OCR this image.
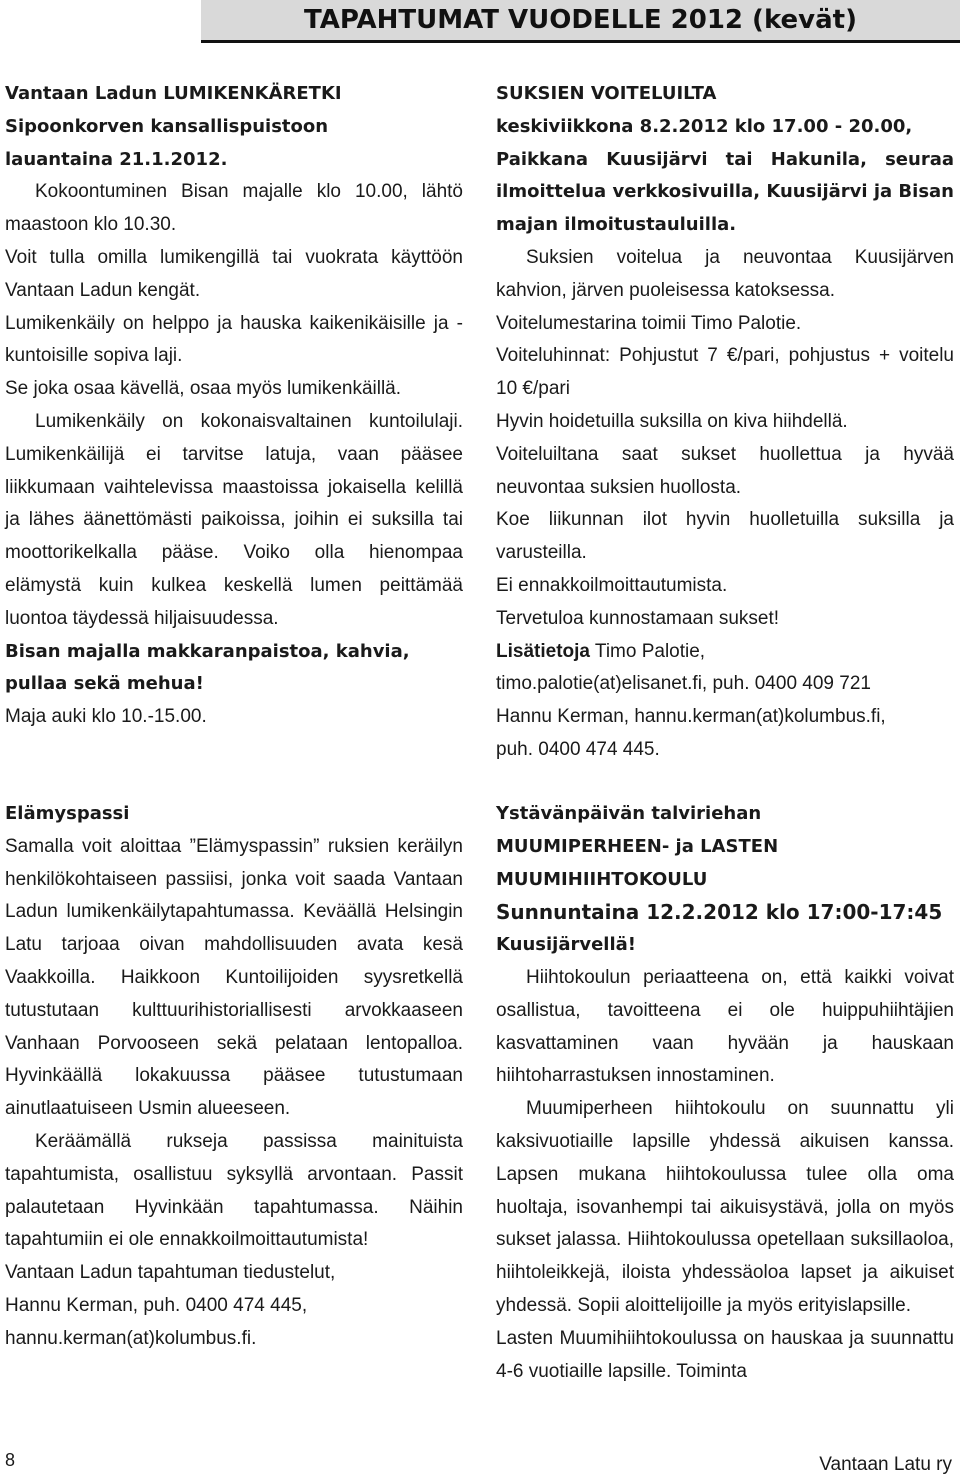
TAPAHTUMAT VUODELLE 2012 (kevät)

Vantaan Ladun LUMIKENKÄRETKI

Sipoonkorven kansallispuistoon

lauantaina 21.1.2012.

Kokoontuminen Bisan majalle klo 10.00, lähtö maastoon klo 10.30.

Voit tulla omilla lumikengillä tai vuokrata käyttöön Vantaan Ladun kengät.

Lumikenkäily on helppo ja hauska kaikenikäisille ja -kuntoisille sopiva laji.

Se joka osaa kävellä, osaa myös lumikenkäillä.

Lumikenkäily on kokonaisvaltainen kuntoilulaji. Lumikenkäilijä ei tarvitse latuja, vaan pääsee liikkumaan vaihtelevissa maastoissa jokaisella kelillä ja lähes äänettömästi paikoissa, joihin ei suksilla tai moottorikelkalla pääse. Voiko olla hienompaa elämystä kuin kulkea keskellä lumen peittämää luontoa täydessä hiljaisuudessa.

Bisan majalla makkaranpaistoa, kahvia, pullaa sekä mehua!

Maja auki klo 10.-15.00.

Elämyspassi

Samalla voit aloittaa ”Elämyspassin” ruksien keräilyn henkilökohtaiseen passiisi, jonka voit saada Vantaan Ladun lumikenkäilytapahtumassa. Keväällä Helsingin Latu tarjoaa oivan mahdollisuuden avata kesä Vaakkoilla. Haikkoon Kuntoilijoiden syysretkellä tutustutaan kulttuurihistoriallisesti arvokkaaseen Vanhaan Porvooseen sekä pelataan lentopalloa. Hyvinkäällä lokakuussa pääsee tutustumaan ainutlaatuiseen Usmin alueeseen.

Keräämällä rukseja passissa mainituista tapahtumista, osallistuu syksyllä arvontaan. Passit palautetaan Hyvinkään tapahtumassa. Näihin tapahtumiin ei ole ennakkoilmoittautumista!

Vantaan Ladun tapahtuman tiedustelut,

Hannu Kerman, puh. 0400 474 445,

hannu.kerman(at)kolumbus.fi.

SUKSIEN VOITELUILTA

keskiviikkona 8.2.2012 klo 17.00 - 20.00,

Paikkana Kuusijärvi tai Hakunila, seuraa ilmoittelua verkkosivuilla, Kuusijärvi ja Bisan majan ilmoitustauluilla.

Suksien voitelua ja neuvontaa Kuusijärven kahvion, järven puoleisessa katoksessa.

Voitelumestarina toimii Timo Palotie.

Voiteluhinnat: Pohjustut 7 €/pari, pohjustus + voitelu 10 €/pari

Hyvin hoidetuilla suksilla on kiva hiihdellä.

Voiteluiltana saat sukset huollettua ja hyvää neuvontaa suksien huollosta.

Koe liikunnan ilot hyvin huolletuilla suksilla ja varusteilla.

Ei ennakkoilmoittautumista.

Tervetuloa kunnostamaan sukset!

Lisätietoja Timo Palotie,

timo.palotie(at)elisanet.fi, puh. 0400 409 721

Hannu Kerman, hannu.kerman(at)kolumbus.fi,

puh. 0400 474 445.

Ystävänpäivän talviriehan

MUUMIPERHEEN- ja LASTEN

MUUMIHIIHTOKOULU

Sunnuntaina 12.2.2012 klo 17:00-17:45

Kuusijärvellä!

Hiihtokoulun periaatteena on, että kaikki voivat osallistua, tavoitteena ei ole huippuhiihtäjien kasvattaminen vaan hyvään ja hauskaan hiihtoharrastuksen innostaminen.

Muumiperheen hiihtokoulu on suunnattu yli kaksivuotiaille lapsille yhdessä aikuisen kanssa. Lapsen mukana hiihtokoulussa tulee olla oma huoltaja, isovanhempi tai aikuisystävä, jolla on myös sukset jalassa. Hiihtokoulussa opetellaan suksillaoloa, hiihtoleikkejä, iloista yhdessäoloa lapset ja aikuiset yhdessä. Sopii aloittelijoille ja myös erityislapsille.

Lasten Muumihiihtokoulussa on hauskaa ja suunnattu 4-6 vuotiaille lapsille. Toiminta

8	Vantaan Latu ry
